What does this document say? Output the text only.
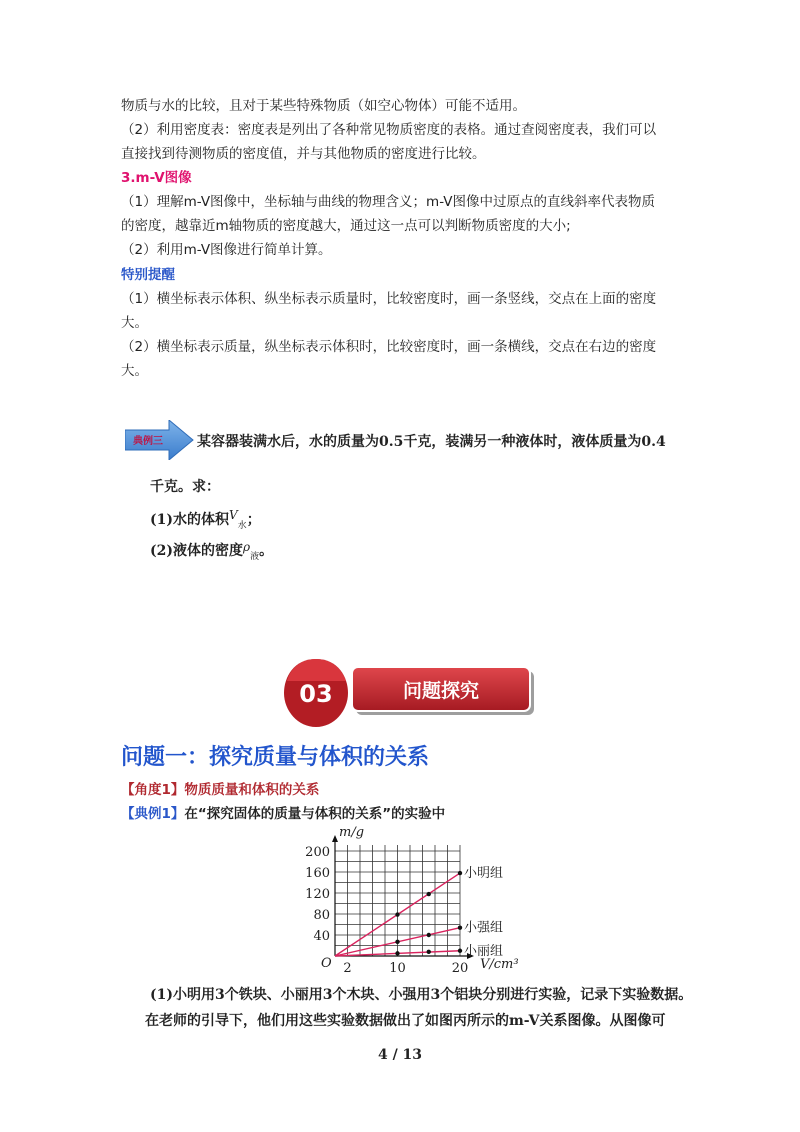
物质与水的比较，且对于某些特殊物质（如空心物体）可能不适用。
（2）利用密度表：密度表是列出了各种常见物质密度的表格。通过查阅密度表，我们可以
直接找到待测物质的密度值，并与其他物质的密度进行比较。
3.m-V图像
（1）理解m-V图像中，坐标轴与曲线的物理含义；m-V图像中过原点的直线斜率代表物质
的密度，越靠近m轴物质的密度越大，通过这一点可以判断物质密度的大小;
（2）利用m-V图像进行简单计算。
特别提醒
（1）横坐标表示体积、纵坐标表示质量时，比较密度时，画一条竖线，交点在上面的密度
大。
（2）横坐标表示质量，纵坐标表示体积时，比较密度时，画一条横线，交点在右边的密度
大。
典例三 某容器装满水后，水的质量为0.5千克，装满另一种液体时，液体质量为0.4
千克。求：
(1)水的体积$V_水$；
(2)液体的密度$\rho_液$。
03	问题探究
问题一：探究质量与体积的关系
【角度1】物质质量和体积的关系
【典例1】在“探究固体的质量与体积的关系”的实验中
m/g
V/cm³
O
40
80
120
160
200
2	10	20
小明组
小强组
小丽组
(1)小明用3个铁块、小丽用3个木块、小强用3个铝块分别进行实验，记录下实验数据。
在老师的引导下，他们用这些实验数据做出了如图丙所示的m-V关系图像。从图像可
4 / 13
